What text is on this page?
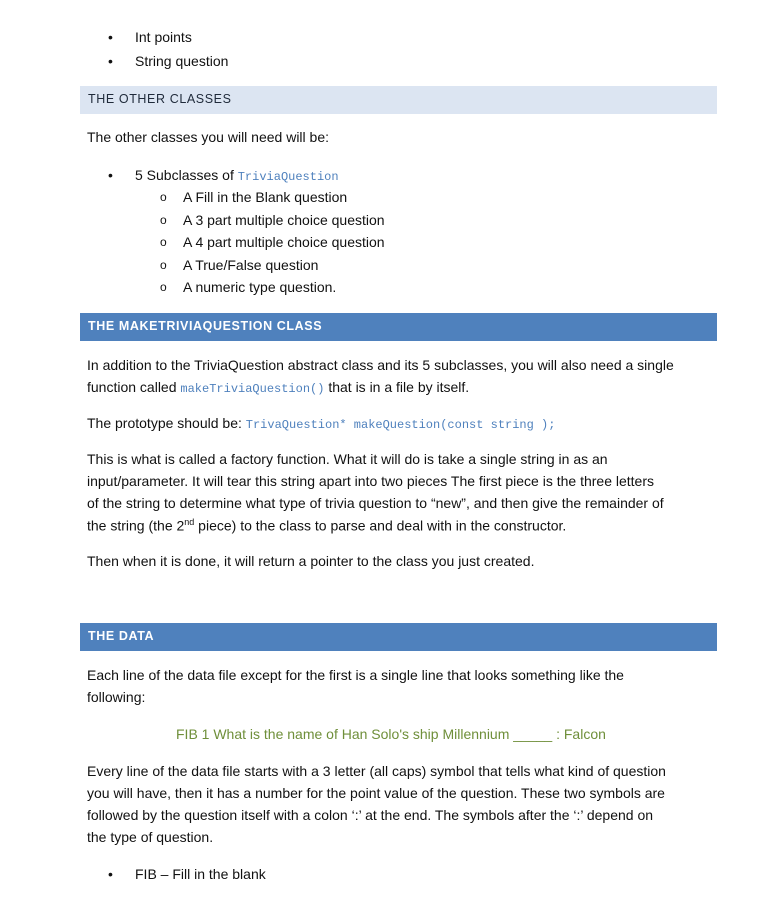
• Int points
• String question
THE OTHER CLASSES
The other classes you will need will be:
• 5 Subclasses of TriviaQuestion
o A Fill in the Blank question
o A 3 part multiple choice question
o A 4 part multiple choice question
o A True/False question
o A numeric type question.
THE MAKETRIVIAQUESTION CLASS
In addition to the TriviaQuestion abstract class and its 5 subclasses, you will also need a single
function called makeTriviaQuestion() that is in a file by itself.
The prototype should be: TrivaQuestion* makeQuestion(const string );
This is what is called a factory function. What it will do is take a single string in as an
input/parameter. It will tear this string apart into two pieces The first piece is the three letters
of the string to determine what type of trivia question to “new”, and then give the remainder of
the string (the 2nd piece) to the class to parse and deal with in the constructor.
Then when it is done, it will return a pointer to the class you just created.
THE DATA
Each line of the data file except for the first is a single line that looks something like the
following:
FIB 1 What is the name of Han Solo's ship Millennium _____ : Falcon
Every line of the data file starts with a 3 letter (all caps) symbol that tells what kind of question
you will have, then it has a number for the point value of the question. These two symbols are
followed by the question itself with a colon ‘:’ at the end. The symbols after the ‘:’ depend on
the type of question.
• FIB – Fill in the blank
